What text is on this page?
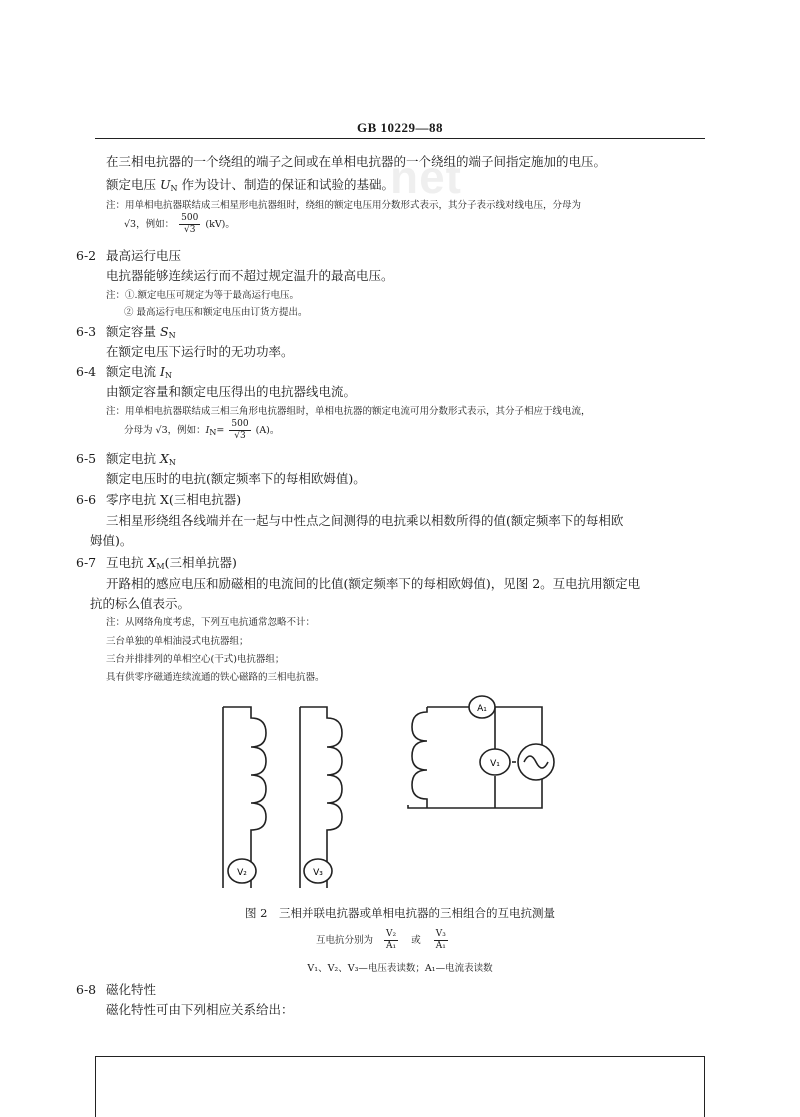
GB 10229—88
net
在三相电抗器的一个绕组的端子之间或在单相电抗器的一个绕组的端子间指定施加的电压。
额定电压 $U_N$ 作为设计、制造的保证和试验的基础。
注：用单相电抗器联结成三相星形电抗器组时，绕组的额定电压用分数形式表示，其分子表示线对线电压，分母为
√3，例如： $\frac{500}{√3} (kV)$。
6-2 最高运行电压
电抗器能够连续运行而不超过规定温升的最高电压。
注：①.额定电压可规定为等于最高运行电压。
② 最高运行电压和额定电压由订货方提出。
6-3 额定容量 $S_N$
在额定电压下运行时的无功功率。
6-4 额定电流 $I_N$
由额定容量和额定电压得出的电抗器线电流。
注：用单相电抗器联结成三相三角形电抗器组时，单相电抗器的额定电流可用分数形式表示，其分子相应于线电流，
分母为 √3，例如：$I_N= \frac{500}{√3} (A)$。
6-5 额定电抗 $X_N$
额定电压时的电抗(额定频率下的每相欧姆值)。
6-6 零序电抗 X(三相电抗器)
三相星形绕组各线端并在一起与中性点之间测得的电抗乘以相数所得的值(额定频率下的每相欧
姆值)。
6-7 互电抗 $X_M$(三相单抗器)
开路相的感应电压和励磁相的电流间的比值(额定频率下的每相欧姆值)，见图 2。互电抗用额定电
抗的标么值表示。
注：从网络角度考虑，下列互电抗通常忽略不计：
三台单独的单相油浸式电抗器组；
三台并排排列的单相空心(干式)电抗器组；
具有供零序磁通连续流通的铁心磁路的三相电抗器。
V₂	V₃
A₁
V₁
图 2　三相并联电抗器或单相电抗器的三相组合的互电抗测量
互电抗分别为 $\frac{\text{V₂}}{\text{A₁}}$ 或 $\frac{\text{V₃}}{\text{A₁}}$
V₁、V₂、V₃—电压表读数；A₁—电流表读数
6-8 磁化特性
磁化特性可由下列相应关系给出：
